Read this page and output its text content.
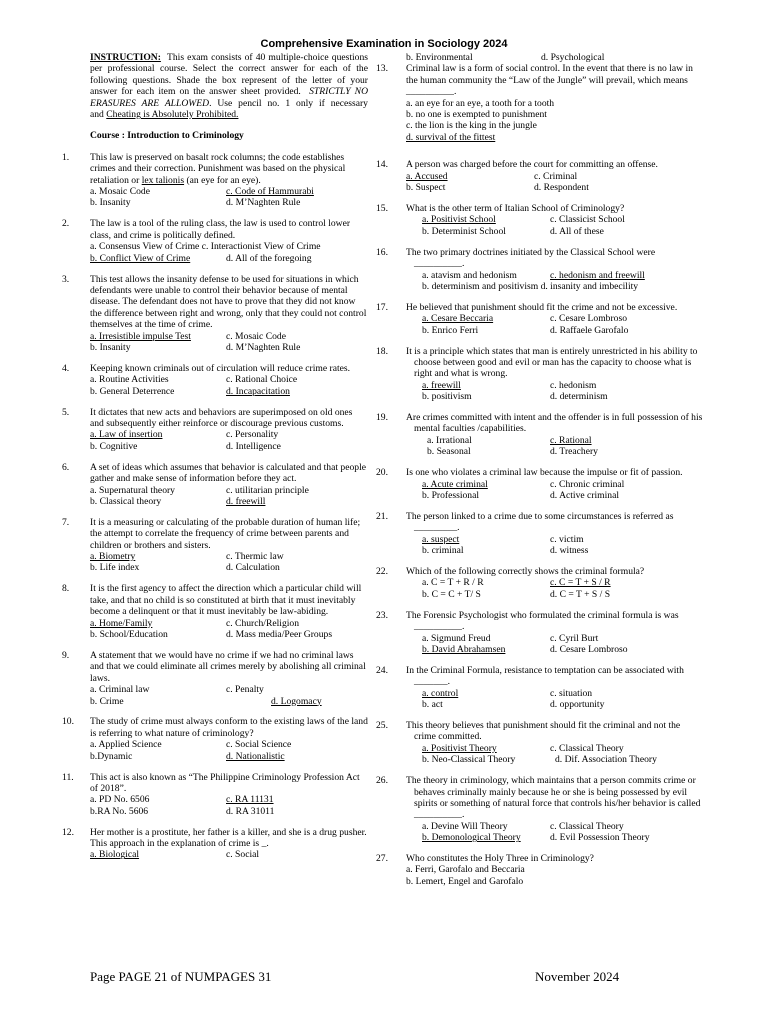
Comprehensive Examination in Sociology 2024
INSTRUCTION: This exam consists of 40 multiple-choice questions per professional course. Select the correct answer for each of the following questions. Shade the box represent of the letter of your answer for each item on the answer sheet provided. STRICTLY NO ERASURES ARE ALLOWED. Use pencil no. 1 only if necessary and Cheating is Absolutely Prohibited.
Course : Introduction to Criminology
1. This law is preserved on basalt rock columns; the code establishes crimes and their correction. Punishment was based on the physical retaliation or lex talionis (an eye for an eye).
a. Mosaic Code	c. Code of Hammurabi
b. Insanity	d. M’Naghten Rule
2. The law is a tool of the ruling class, the law is used to control lower class, and crime is politically defined.
a. Consensus View of Crime c. Interactionist View of Crime
b. Conflict View of Crime	d. All of the foregoing
3. This test allows the insanity defense to be used for situations in which defendants were unable to control their behavior because of mental disease. The defendant does not have to prove that they did not know the difference between right and wrong, only that they could not control themselves at the time of crime.
a. Irresistible impulse Test	c. Mosaic Code
b. Insanity	d. M’Naghten Rule
4. Keeping known criminals out of circulation will reduce crime rates.
a. Routine Activities	c. Rational Choice
b. General Deterrence	d. Incapacitation
5. It dictates that new acts and behaviors are superimposed on old ones and subsequently either reinforce or discourage previous customs.
a. Law of insertion	c. Personality
b. Cognitive	d. Intelligence
6. A set of ideas which assumes that behavior is calculated and that people gather and make sense of information before they act.
a. Supernatural theory	c. utilitarian principle
b. Classical theory	d. freewill
7. It is a measuring or calculating of the probable duration of human life; the attempt to correlate the frequency of crime between parents and children or brothers and sisters.
a. Biometry	c. Thermic law
b. Life index	d. Calculation
8. It is the first agency to affect the direction which a particular child will take, and that no child is so constituted at birth that it must inevitably become a delinquent or that it must inevitably be law-abiding.
a. Home/Family	c. Church/Religion
b. School/Education	d. Mass media/Peer Groups
9. A statement that we would have no crime if we had no criminal laws and that we could eliminate all crimes merely by abolishing all criminal laws.
a. Criminal law	c. Penalty
b. Crime	d. Logomacy
10. The study of crime must always conform to the existing laws of the land is referring to what nature of criminology?
a. Applied Science	c. Social Science
b.Dynamic	d. Nationalistic
11. This act is also known as “The Philippine Criminology Profession Act of 2018”.
a. PD No. 6506	c. RA 11131
b.RA No. 5606	d. RA 31011
12. Her mother is a prostitute, her father is a killer, and she is a drug pusher. This approach in the explanation of crime is _.
a. Biological	c. Social
b. Environmental	d. Psychological
13. Criminal law is a form of social control. In the event that there is no law in the human community the “Law of the Jungle” will prevail, which means __________.
a. an eye for an eye, a tooth for a tooth
b. no one is exempted to punishment
c. the lion is the king in the jungle
d. survival of the fittest
14. A person was charged before the court for committing an offense.
a. Accused	c. Criminal
b. Suspect	d. Respondent
15. What is the other term of Italian School of Criminology?
a. Positivist School	c. Classicist School
b. Determinist School	d. All of these
16. The two primary doctrines initiated by the Classical School were __________.
a. atavism and hedonism	c. hedonism and freewill
b. determinism and positivism d. insanity and imbecility
17. He believed that punishment should fit the crime and not be excessive.
a. Cesare Beccaria	c. Cesare Lombroso
b. Enrico Ferri	d. Raffaele Garofalo
18. It is a principle which states that man is entirely unrestricted in his ability to choose between good and evil or man has the capacity to choose what is right and what is wrong.
a. freewill	c. hedonism
b. positivism	d. determinism
19. Are crimes committed with intent and the offender is in full possession of his mental faculties /capabilities.
a. Irrational	c. Rational
b. Seasonal	d. Treachery
20. Is one who violates a criminal law because the impulse or fit of passion.
a. Acute criminal	c. Chronic criminal
b. Professional	d. Active criminal
21. The person linked to a crime due to some circumstances is referred as _________.
a. suspect	c. victim
b. criminal	d. witness
22. Which of the following correctly shows the criminal formula?
a. C = T + R / R	c. C = T + S / R
b. C = C + T/ S	d. C = T + S / S
23. The Forensic Psychologist who formulated the criminal formula is was __________.
a. Sigmund Freud	c. Cyril Burt
b. David Abrahamsen	d. Cesare Lombroso
24. In the Criminal Formula, resistance to temptation can be associated with _______.
a. control	c. situation
b. act	d. opportunity
25. This theory believes that punishment should fit the criminal and not the crime committed.
a. Positivist Theory	c. Classical Theory
b. Neo-Classical Theory	d. Dif. Association Theory
26. The theory in criminology, which maintains that a person commits crime or behaves criminally mainly because he or she is being possessed by evil spirits or something of natural force that controls his/her behavior is called __________.
a. Devine Will Theory	c. Classical Theory
b. Demonological Theory	d. Evil Possession Theory
27. Who constitutes the Holy Three in Criminology?
a. Ferri, Garofalo and Beccaria
b. Lemert, Engel and Garofalo
Page PAGE 21 of NUMPAGES 31	November 2024
